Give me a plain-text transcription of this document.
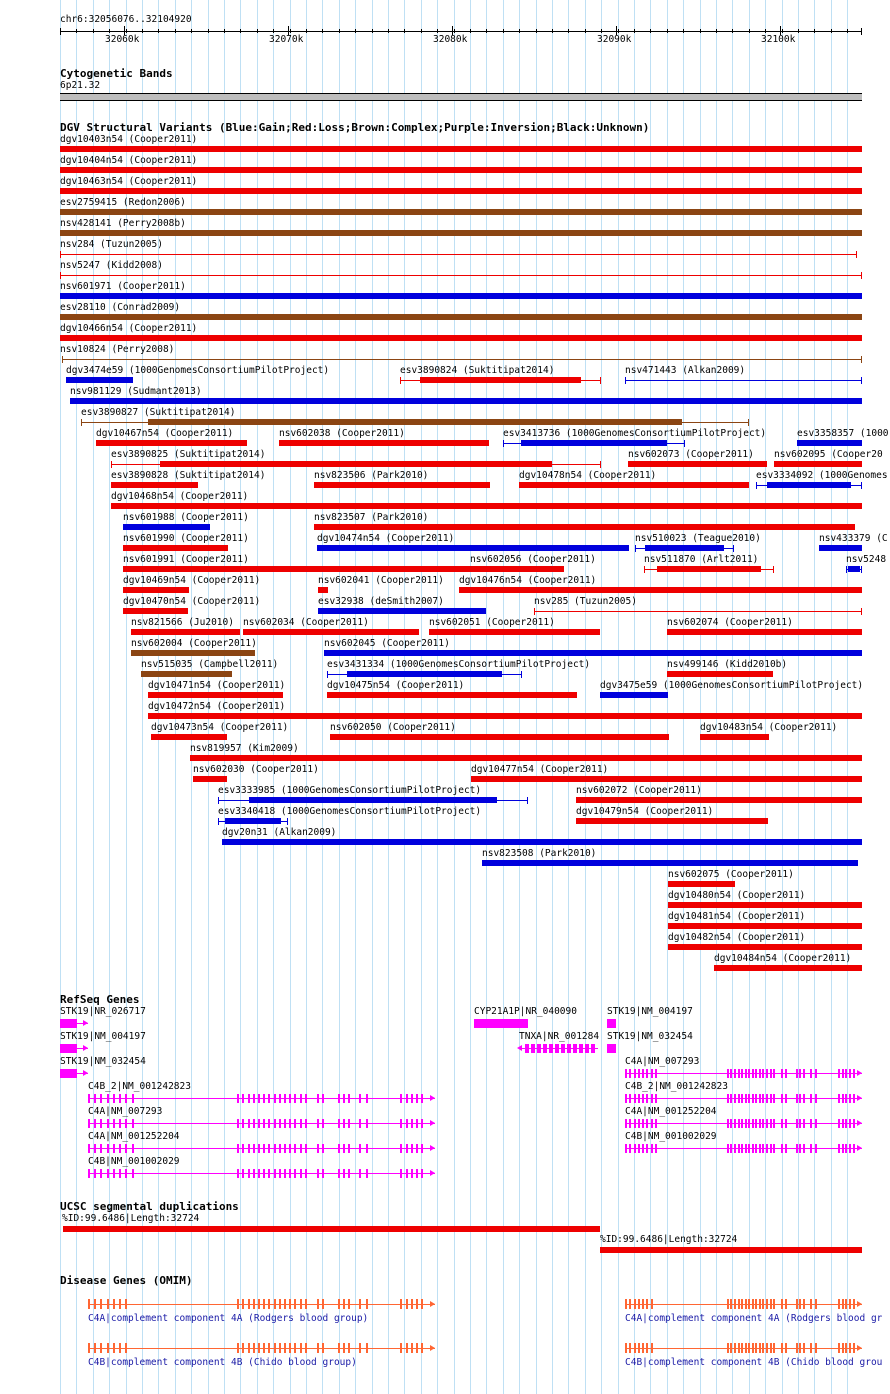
chr6:32056076..32104920
32060k	32070k	32080k	32090k	32100k
Cytogenetic Bands
6p21.32
DGV Structural Variants (Blue:Gain;Red:Loss;Brown:Complex;Purple:Inversion;Black:Unknown)
dgv10403n54 (Cooper2011)
dgv10404n54 (Cooper2011)
dgv10463n54 (Cooper2011)
esv2759415 (Redon2006)
nsv428141 (Perry2008b)
nsv284 (Tuzun2005)
nsv5247 (Kidd2008)
nsv601971 (Cooper2011)
esv28110 (Conrad2009)
dgv10466n54 (Cooper2011)
nsv10824 (Perry2008)
dgv3474e59 (1000GenomesConsortiumPilotProject)	esv3890824 (Suktitipat2014)	nsv471443 (Alkan2009)
nsv981129 (Sudmant2013)
esv3890827 (Suktitipat2014)
dgv10467n54 (Cooper2011)	nsv602038 (Cooper2011)	esv3413736 (1000GenomesConsortiumPilotProject)	esv3358357 (1000
esv3890825 (Suktitipat2014)	nsv602073 (Cooper2011) nsv602095 (Cooper20
esv3890828 (Suktitipat2014)	nsv823506 (Park2010)	dgv10478n54 (Cooper2011)	esv3334092 (1000Genomes
dgv10468n54 (Cooper2011)
nsv601988 (Cooper2011)	nsv823507 (Park2010)
nsv601990 (Cooper2011)	dgv10474n54 (Cooper2011)	nsv510023 (Teague2010)	nsv433379 (C
nsv601991 (Cooper2011)	nsv602056 (Cooper2011)	nsv511870 (Arlt2011)	nsv5248
dgv10469n54 (Cooper2011)	nsv602041 (Cooper2011) dgv10476n54 (Cooper2011)
dgv10470n54 (Cooper2011)	esv32938 (deSmith2007)	nsv285 (Tuzun2005)
nsv821566 (Ju2010) nsv602034 (Cooper2011)	nsv602051 (Cooper2011)	nsv602074 (Cooper2011)
nsv602004 (Cooper2011)	nsv602045 (Cooper2011)
nsv515035 (Campbell2011)	esv3431334 (1000GenomesConsortiumPilotProject)	nsv499146 (Kidd2010b)
dgv10471n54 (Cooper2011)	dgv10475n54 (Cooper2011)	dgv3475e59 (1000GenomesConsortiumPilotProject)
dgv10472n54 (Cooper2011)
dgv10473n54 (Cooper2011)	nsv602050 (Cooper2011)	dgv10483n54 (Cooper2011)
nsv819957 (Kim2009)
nsv602030 (Cooper2011)	dgv10477n54 (Cooper2011)
esv3333985 (1000GenomesConsortiumPilotProject)	nsv602072 (Cooper2011)
esv3340418 (1000GenomesConsortiumPilotProject)	dgv10479n54 (Cooper2011)
dgv20n31 (Alkan2009)
nsv823508 (Park2010)
nsv602075 (Cooper2011)
dgv10480n54 (Cooper2011)
dgv10481n54 (Cooper2011)
dgv10482n54 (Cooper2011)
dgv10484n54 (Cooper2011)
RefSeq Genes
STK19|NR_026717
STK19|NM_004197
STK19|NM_032454
C4B_2|NM_001242823
C4A|NM_007293
C4A|NM_001252204
C4B|NM_001002029
CYP21A1P|NR_040090
TNXA|NR_001284
STK19|NM_004197
STK19|NM_032454
C4A|NM_007293
C4B_2|NM_001242823
C4A|NM_001252204
C4B|NM_001002029
UCSC segmental duplications
%ID:99.6486|Length:32724
%ID:99.6486|Length:32724
Disease Genes (OMIM)
C4A|complement component 4A (Rodgers blood group)	C4A|complement component 4A (Rodgers blood gr
C4B|complement component 4B (Chido blood group)	C4B|complement component 4B (Chido blood grou
